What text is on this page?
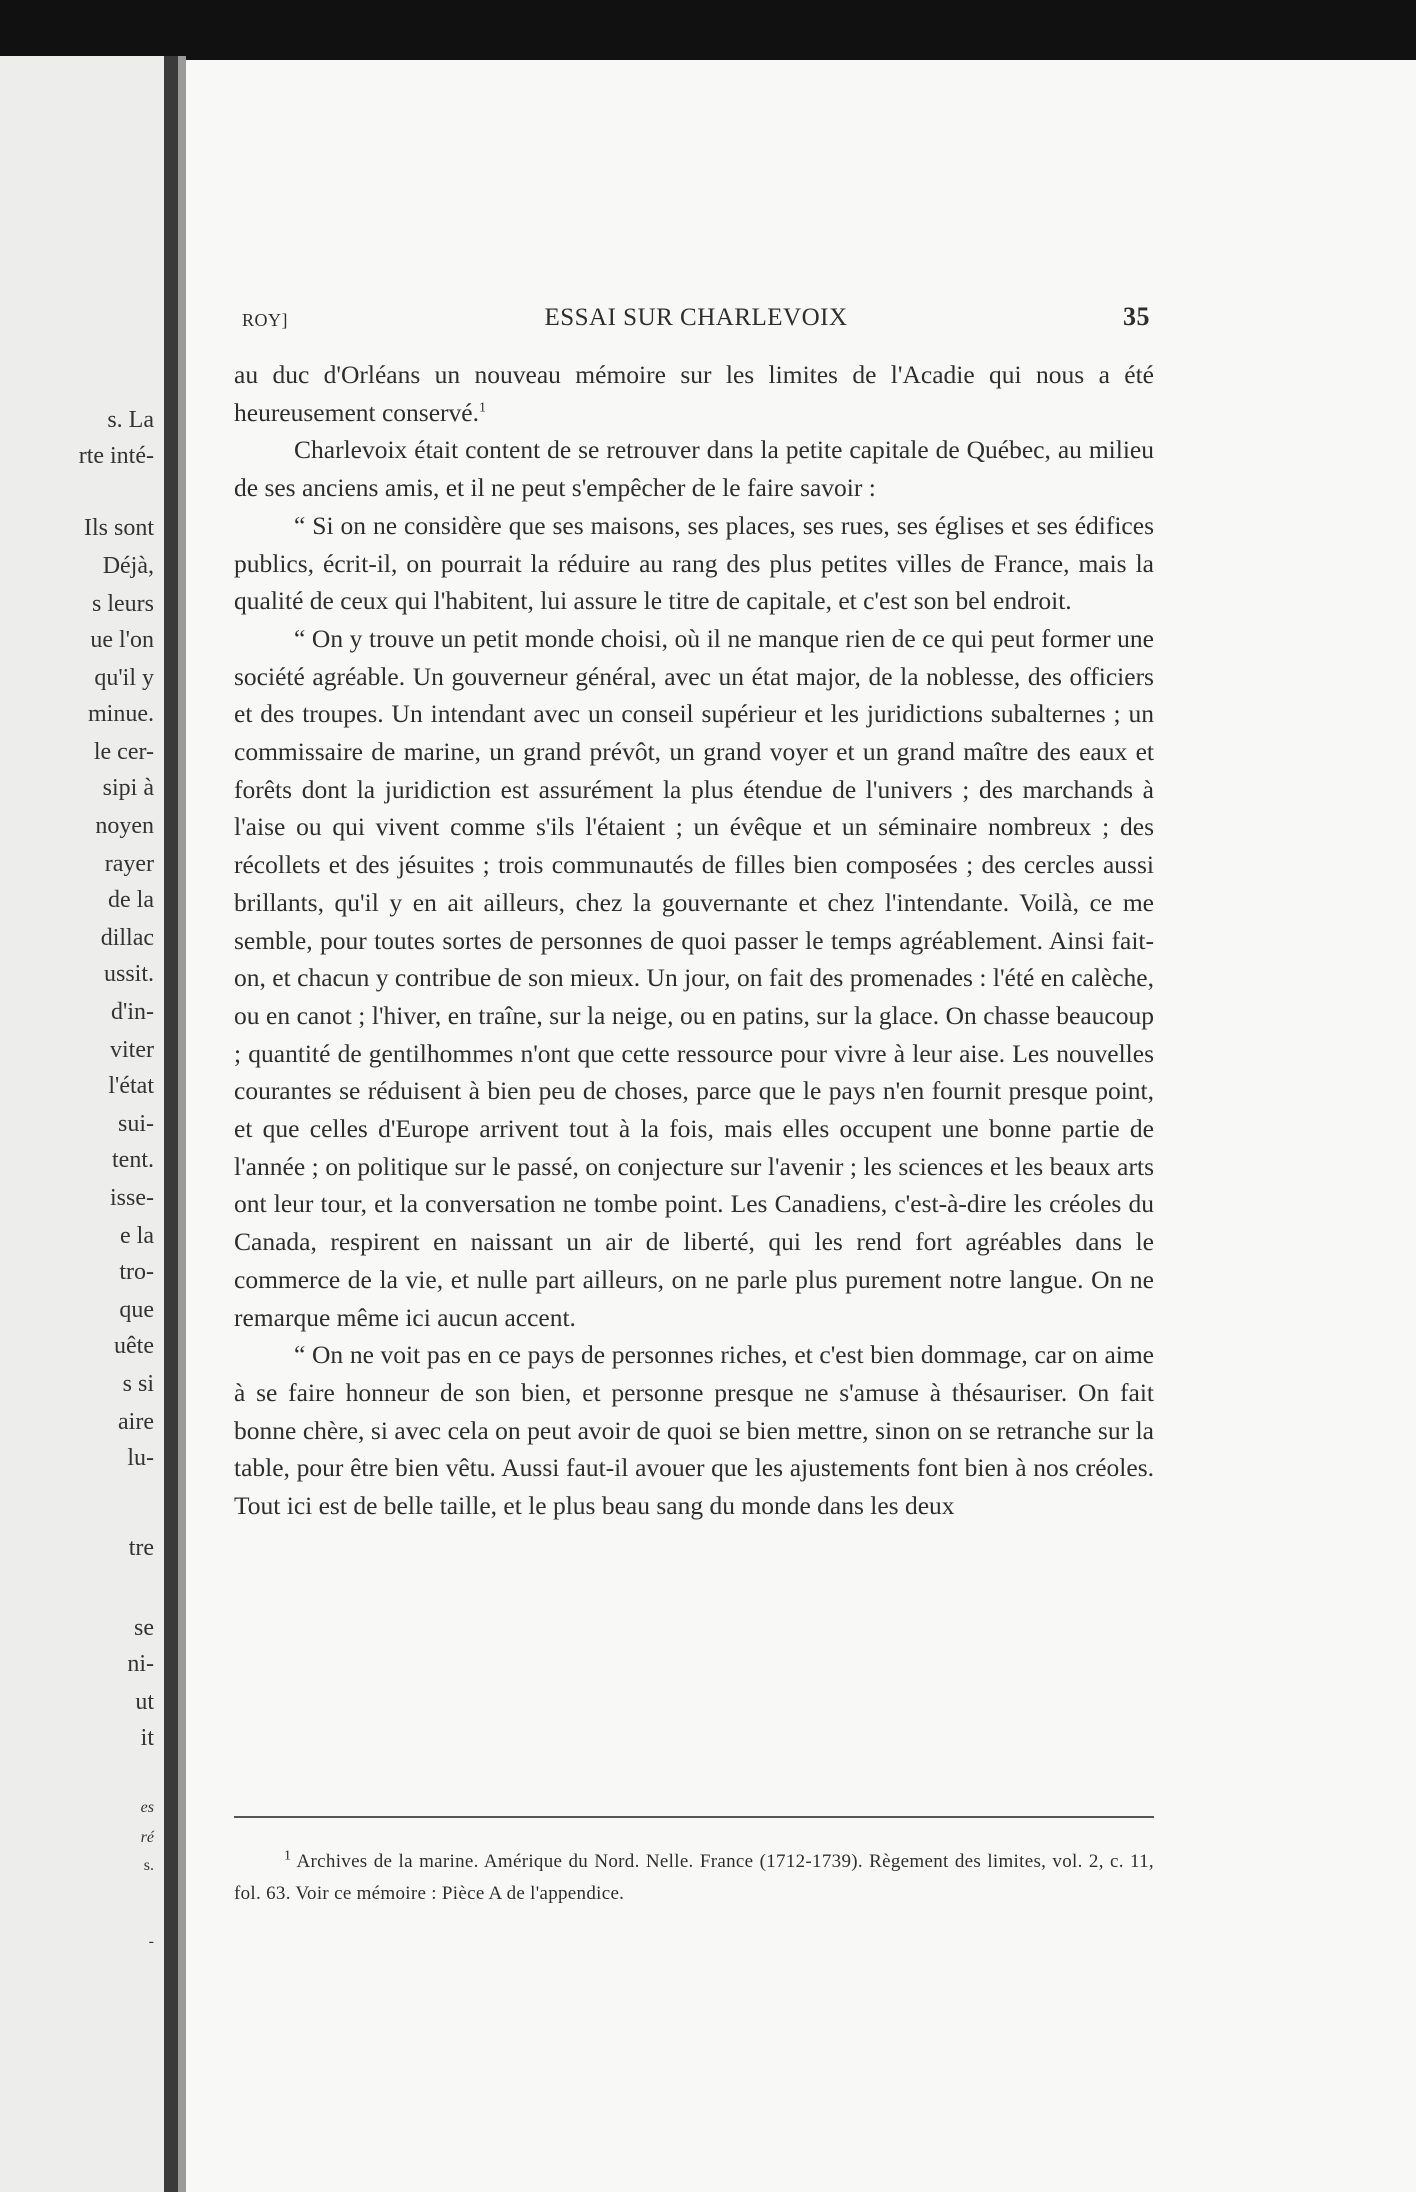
s. La
rte inté-
Ils sont
Déjà,
s leurs
ue l'on
qu'il y
minue.
le cer-
sipi à
noyen
rayer
de la
dillac
ussit.
d'in-
viter
l'état
sui-
tent.
isse-
e la
tro-
que
uête
s si
aire
lu-
tre
se
ni-
ut
it
es
ré
s.
-
ROY]	ESSAI SUR CHARLEVOIX	35

au duc d'Orléans un nouveau mémoire sur les limites de l'Acadie qui nous a été heureusement conservé.$^1$

Charlevoix était content de se retrouver dans la petite capitale de Québec, au milieu de ses anciens amis, et il ne peut s'empêcher de le faire savoir :

“ Si on ne considère que ses maisons, ses places, ses rues, ses églises et ses édifices publics, écrit-il, on pourrait la réduire au rang des plus petites villes de France, mais la qualité de ceux qui l'habitent, lui assure le titre de capitale, et c'est son bel endroit.

“ On y trouve un petit monde choisi, où il ne manque rien de ce qui peut former une société agréable. Un gouverneur général, avec un état major, de la noblesse, des officiers et des troupes. Un intendant avec un conseil supérieur et les juridictions subalternes ; un commissaire de marine, un grand prévôt, un grand voyer et un grand maître des eaux et forêts dont la juridiction est assurément la plus étendue de l'univers ; des marchands à l'aise ou qui vivent comme s'ils l'étaient ; un évêque et un séminaire nombreux ; des récollets et des jésuites ; trois communautés de filles bien composées ; des cercles aussi brillants, qu'il y en ait ailleurs, chez la gouvernante et chez l'intendante. Voilà, ce me semble, pour toutes sortes de personnes de quoi passer le temps agréablement. Ainsi fait-on, et chacun y contribue de son mieux. Un jour, on fait des promenades : l'été en calèche, ou en canot ; l'hiver, en traîne, sur la neige, ou en patins, sur la glace. On chasse beaucoup ; quantité de gentilhommes n'ont que cette ressource pour vivre à leur aise. Les nouvelles courantes se réduisent à bien peu de choses, parce que le pays n'en fournit presque point, et que celles d'Europe arrivent tout à la fois, mais elles occupent une bonne partie de l'année ; on politique sur le passé, on conjecture sur l'avenir ; les sciences et les beaux arts ont leur tour, et la conversation ne tombe point. Les Canadiens, c'est-à-dire les créoles du Canada, respirent en naissant un air de liberté, qui les rend fort agréables dans le commerce de la vie, et nulle part ailleurs, on ne parle plus purement notre langue. On ne remarque même ici aucun accent.

“ On ne voit pas en ce pays de personnes riches, et c'est bien dommage, car on aime à se faire honneur de son bien, et personne presque ne s'amuse à thésauriser. On fait bonne chère, si avec cela on peut avoir de quoi se bien mettre, sinon on se retranche sur la table, pour être bien vêtu. Aussi faut-il avouer que les ajustements font bien à nos créoles. Tout ici est de belle taille, et le plus beau sang du monde dans les deux

$^1$ Archives de la marine. Amérique du Nord. Nelle. France (1712-1739). Règement des limites, vol. 2, c. 11, fol. 63. Voir ce mémoire : Pièce A de l'appendice.
